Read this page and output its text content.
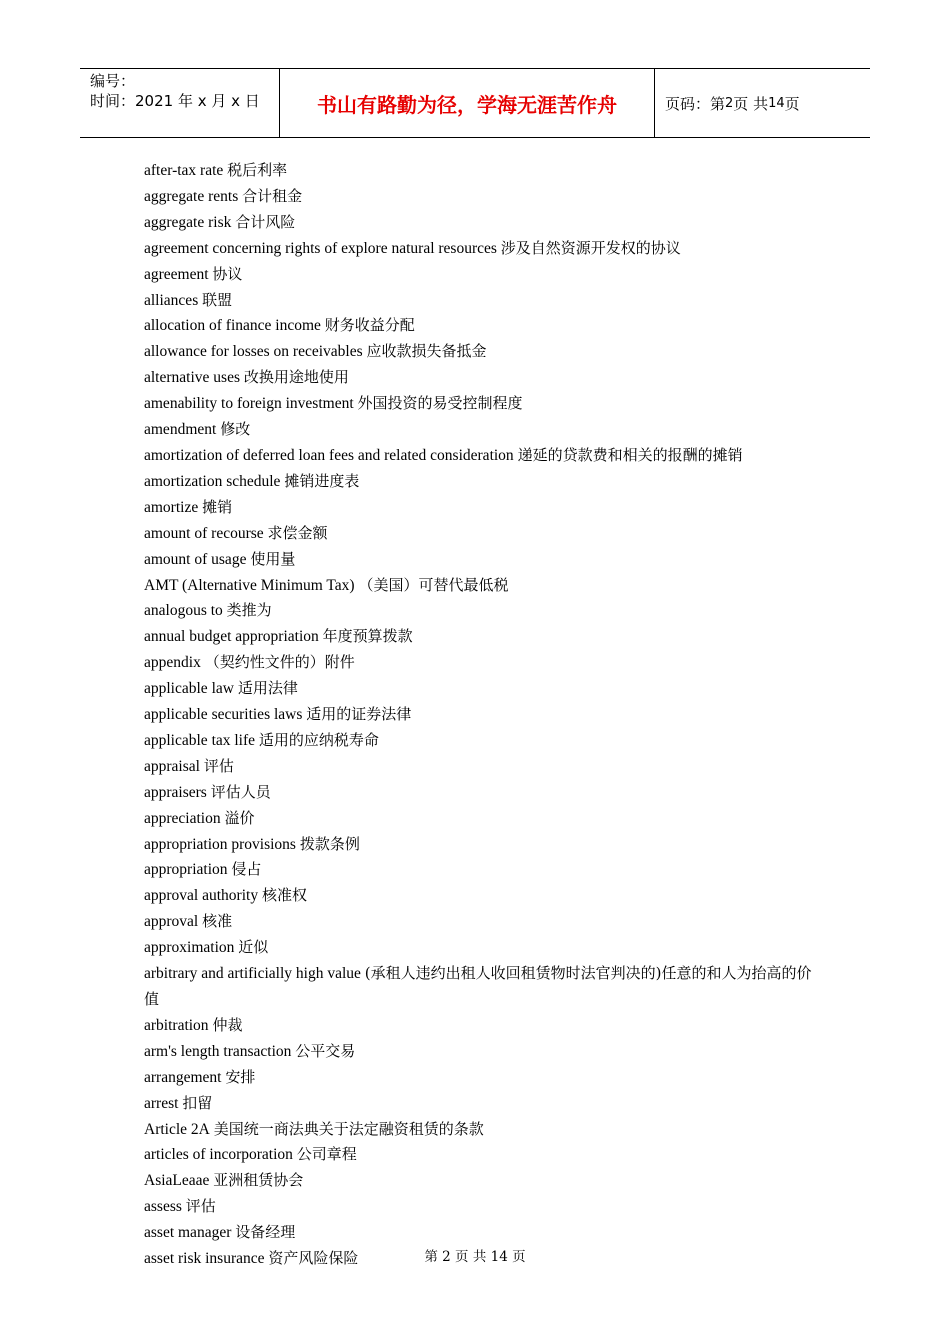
编号：
时间：2021 年 x 月 x 日	书山有路勤为径，学海无涯苦作舟	页码：第 2 页 共 14 页
after-tax rate 税后利率
aggregate rents 合计租金
aggregate risk 合计风险
agreement concerning rights of explore natural resources 涉及自然资源开发权的协议
agreement 协议
alliances 联盟
allocation of finance income 财务收益分配
allowance for losses on receivables 应收款损失备抵金
alternative uses 改换用途地使用
amenability to foreign investment 外国投资的易受控制程度
amendment 修改
amortization of deferred loan fees and related consideration 递延的贷款费和相关的报酬的摊销
amortization schedule 摊销进度表
amortize 摊销
amount of recourse 求偿金额
amount of usage 使用量
AMT (Alternative Minimum Tax) （美国）可替代最低税
analogous to 类推为
annual budget appropriation 年度预算拨款
appendix （契约性文件的）附件
applicable law 适用法律
applicable securities laws 适用的证券法律
applicable tax life 适用的应纳税寿命
appraisal 评估
appraisers 评估人员
appreciation 溢价
appropriation provisions 拨款条例
appropriation 侵占
approval authority 核准权
approval 核准
approximation 近似
arbitrary and artificially high value (承租人违约出租人收回租赁物时法官判决的)任意的和人为抬高的价值
arbitration 仲裁
arm's length transaction 公平交易
arrangement 安排
arrest 扣留
Article 2A 美国统一商法典关于法定融资租赁的条款
articles of incorporation 公司章程
AsiaLeaae 亚洲租赁协会
assess 评估
asset manager 设备经理
asset risk insurance 资产风险保险	第 2 页 共 14 页
